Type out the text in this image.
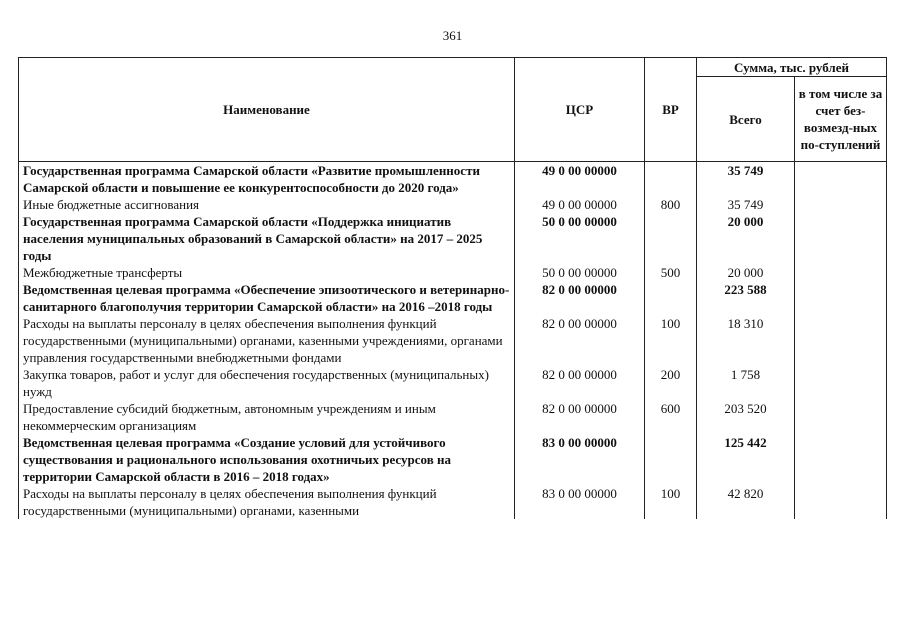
361
Наименование	ЦСР	ВР	Сумма, тыс. рублей	
			Всего	в том числе за счет без-возмезд-ных по-ступлений
Государственная программа Самарской области «Развитие промышленности Самарской области и повышение ее конкурентоспособности до 2020 года»	49 0 00 00000		35 749	
Иные бюджетные ассигнования	49 0 00 00000	800	35 749	
Государственная программа Самарской области «Поддержка инициатив населения муниципальных образований в Самарской области» на 2017 – 2025 годы	50 0 00 00000		20 000	
Межбюджетные трансферты	50 0 00 00000	500	20 000	
Ведомственная целевая программа «Обеспечение эпизоотического и ветеринарно-санитарного благополучия территории Самарской области» на 2016 –2018 годы	82 0 00 00000		223 588	
Расходы на выплаты персоналу в целях обеспечения выполнения функций государственными (муниципальными) органами, казенными учреждениями, органами управления государственными внебюджетными фондами	82 0 00 00000	100	18 310	
Закупка товаров, работ и услуг для обеспечения государственных (муниципальных) нужд	82 0 00 00000	200	1 758	
Предоставление субсидий бюджетным, автономным учреждениям и иным некоммерческим организациям	82 0 00 00000	600	203 520	
Ведомственная целевая программа «Создание условий для устойчивого существования и рационального использования охотничьих ресурсов на территории Самарской области в 2016 – 2018 годах»	83 0 00 00000		125 442	
Расходы на выплаты персоналу в целях обеспечения выполнения функций государственными (муниципальными) органами, казенными	83 0 00 00000	100	42 820	
